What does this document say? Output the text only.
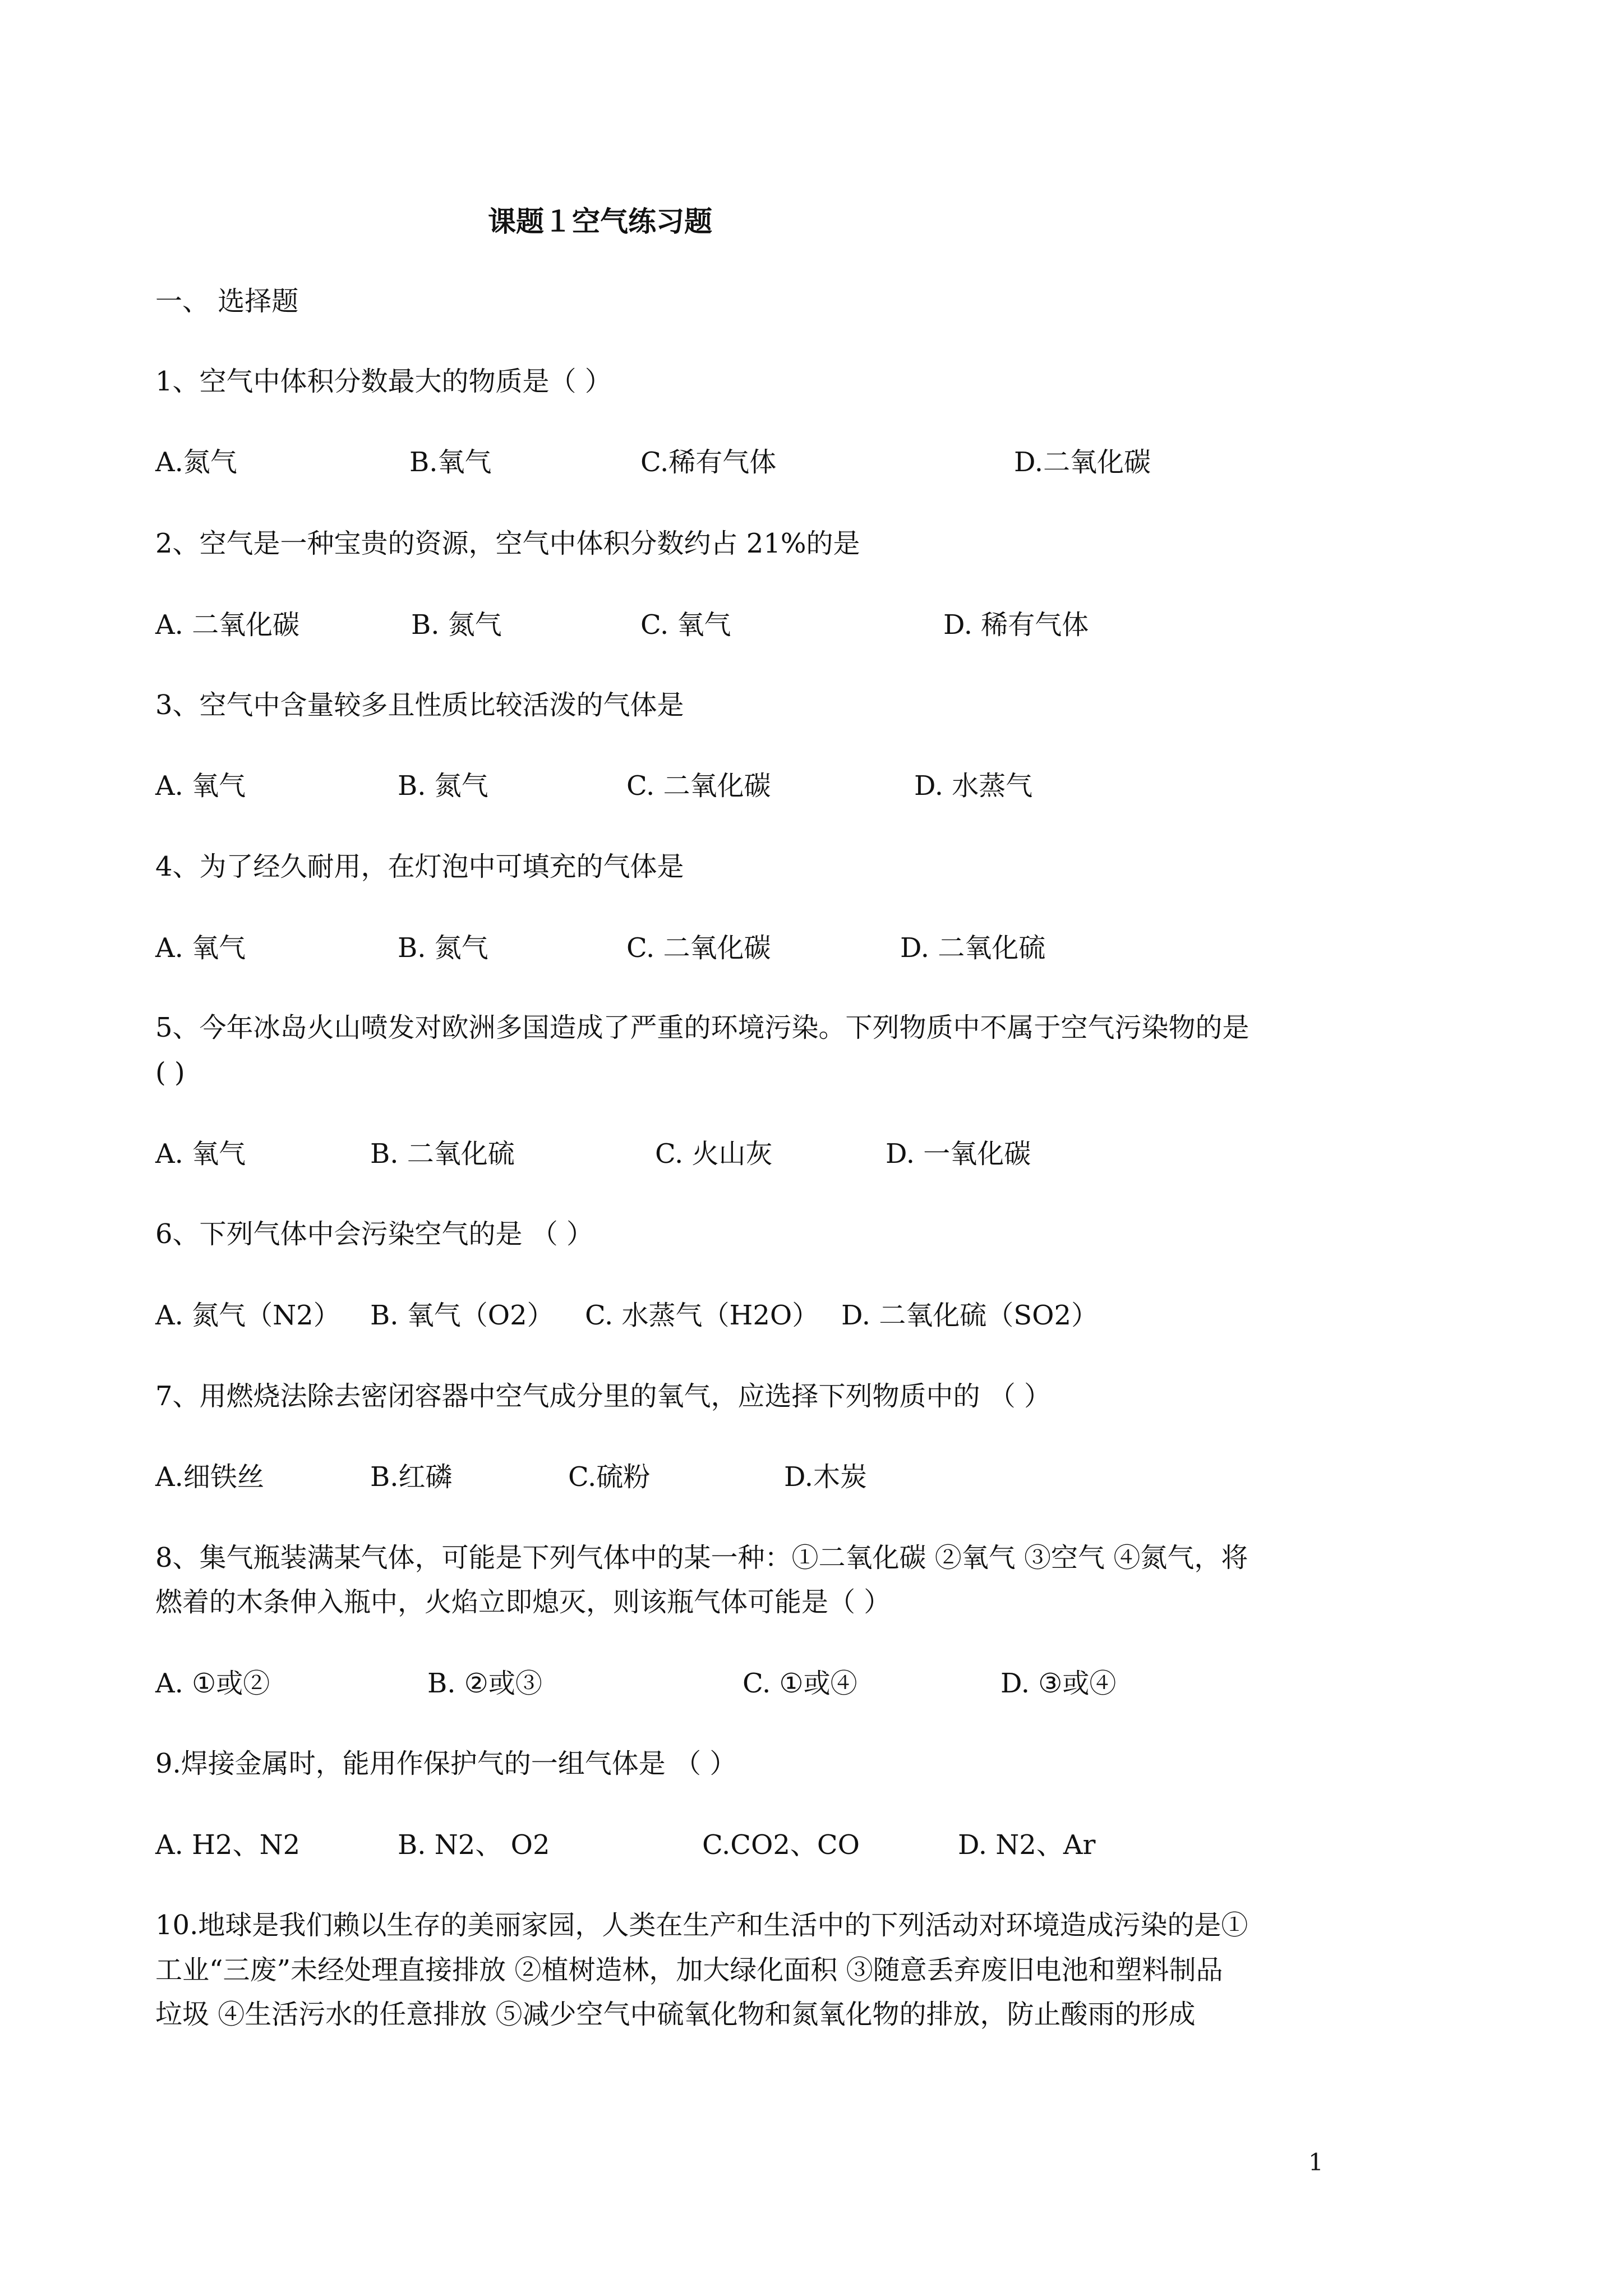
课题１空气练习题
一、 选择题
1、空气中体积分数最大的物质是（ ）
A.氮气	B.氧气	C.稀有气体	D.二氧化碳
2、空气是一种宝贵的资源，空气中体积分数约占 21%的是
A. 二氧化碳	B. 氮气	C. 氧气	D. 稀有气体
3、空气中含量较多且性质比较活泼的气体是
A. 氧气	B. 氮气	C. 二氧化碳	D. 水蒸气
4、为了经久耐用，在灯泡中可填充的气体是
A. 氧气	B. 氮气	C. 二氧化碳	D. 二氧化硫
5、今年冰岛火山喷发对欧洲多国造成了严重的环境污染。下列物质中不属于空气污染物的是
( )
A. 氧气	B. 二氧化硫	C. 火山灰	D. 一氧化碳
6、下列气体中会污染空气的是 （ ）
A. 氮气（N2） B. 氧气（O2） C. 水蒸气（H2O） D. 二氧化硫（SO2）
7、用燃烧法除去密闭容器中空气成分里的氧气，应选择下列物质中的 （ ）
A.细铁丝	B.红磷	C.硫粉	D.木炭
8、集气瓶装满某气体，可能是下列气体中的某一种：①二氧化碳 ②氧气 ③空气 ④氮气，将
燃着的木条伸入瓶中，火焰立即熄灭，则该瓶气体可能是（ ）
A. ①或②	B. ②或③	C. ①或④	D. ③或④
9.焊接金属时，能用作保护气的一组气体是 （ ）
A. H2、N2	B. N2、 O2	C.CO2、CO	D. N2、Ar
10.地球是我们赖以生存的美丽家园，人类在生产和生活中的下列活动对环境造成污染的是①
工业“三废”未经处理直接排放 ②植树造林，加大绿化面积 ③随意丢弃废旧电池和塑料制品
垃圾 ④生活污水的任意排放 ⑤减少空气中硫氧化物和氮氧化物的排放，防止酸雨的形成
1
